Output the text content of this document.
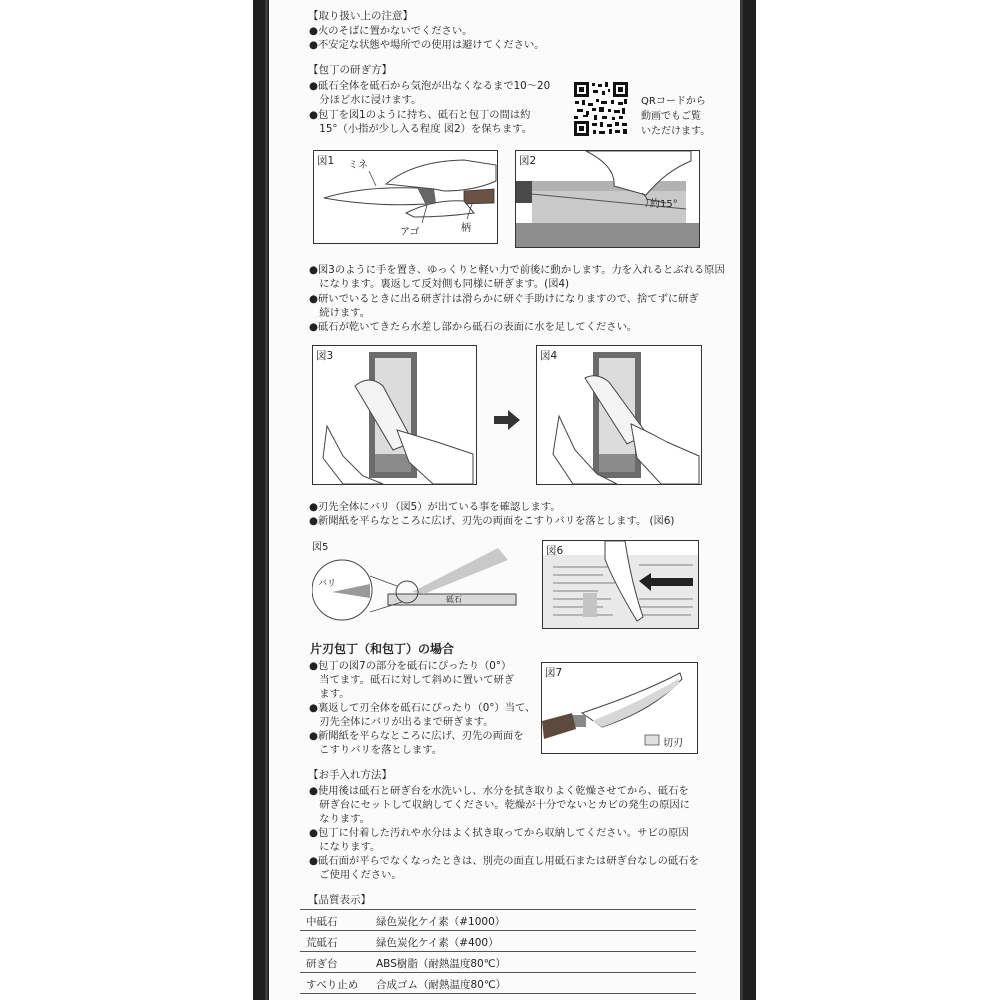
【取り扱い上の注意】
●火のそばに置かないでください。
●不安定な状態や場所での使用は避けてください。
【包丁の研ぎ方】
●砥石全体を砥石から気泡が出なくなるまで10～20
　分ほど水に浸けます。
●包丁を図1のように持ち、砥石と包丁の間は約
　15°（小指が少し入る程度 図2）を保ちます。
QRコードから
動画でもご覧
いただけます。
図1 ミネ
アゴ	柄
図2
約15°
●図3のように手を置き、ゆっくりと軽い力で前後に動かします。力を入れるとぶれる原因
　になります。裏返して反対側も同様に研ぎます。(図4)
●研いでいるときに出る研ぎ汁は滑らかに研ぐ手助けになりますので、捨てずに研ぎ
　続けます。
●砥石が乾いてきたら水差し部から砥石の表面に水を足してください。
図3	図4
●刃先全体にバリ（図5）が出ている事を確認します。
●新聞紙を平らなところに広げ、刃先の両面をこすりバリを落とします。 (図6)
図5
バリ
砥石
図6
片刃包丁（和包丁）の場合
●包丁の図7の部分を砥石にぴったり（0°）
　当てます。砥石に対して斜めに置いて研ぎ
　ます。
●裏返して刃全体を砥石にぴったり（0°）当て、
　刃先全体にバリが出るまで研ぎます。
●新聞紙を平らなところに広げ、刃先の両面を
　こすりバリを落とします。
図7
切刃
【お手入れ方法】
●使用後は砥石と研ぎ台を水洗いし、水分を拭き取りよく乾燥させてから、砥石を
　研ぎ台にセットして収納してください。乾燥が十分でないとカビの発生の原因に
　なります。
●包丁に付着した汚れや水分はよく拭き取ってから収納してください。サビの原因
　になります。
●砥石面が平らでなくなったときは、別売の面直し用砥石または研ぎ台なしの砥石を
　ご使用ください。
【品質表示】
中砥石	緑色炭化ケイ素（#1000）
荒砥石	緑色炭化ケイ素（#400）
研ぎ台	ABS樹脂（耐熱温度80℃）
すべり止め 合成ゴム（耐熱温度80℃）
